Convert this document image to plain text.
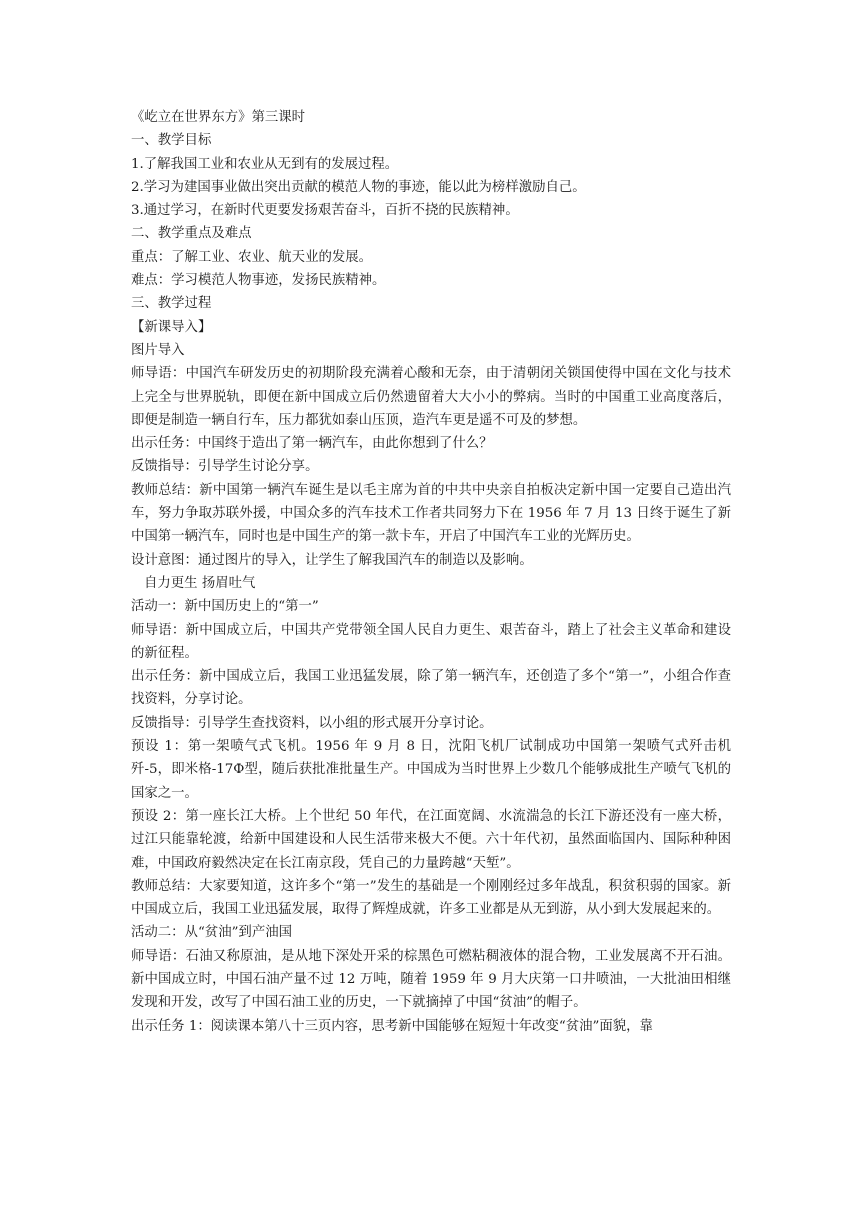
《屹立在世界东方》第三课时

一、教学目标

1.了解我国工业和农业从无到有的发展过程。

2.学习为建国事业做出突出贡献的模范人物的事迹，能以此为榜样激励自己。

3.通过学习，在新时代更要发扬艰苦奋斗，百折不挠的民族精神。

二、教学重点及难点

重点：了解工业、农业、航天业的发展。

难点：学习模范人物事迹，发扬民族精神。

三、教学过程

【新课导入】

图片导入

师导语：中国汽车研发历史的初期阶段充满着心酸和无奈，由于清朝闭关锁国使得中国在文化与技术上完全与世界脱轨，即便在新中国成立后仍然遗留着大大小小的弊病。当时的中国重工业高度落后，即便是制造一辆自行车，压力都犹如泰山压顶，造汽车更是遥不可及的梦想。

出示任务：中国终于造出了第一辆汽车，由此你想到了什么？

反馈指导：引导学生讨论分享。

教师总结：新中国第一辆汽车诞生是以毛主席为首的中共中央亲自拍板决定新中国一定要自己造出汽车，努力争取苏联外援，中国众多的汽车技术工作者共同努力下在 1956 年 7 月 13 日终于诞生了新中国第一辆汽车，同时也是中国生产的第一款卡车，开启了中国汽车工业的光辉历史。

设计意图：通过图片的导入，让学生了解我国汽车的制造以及影响。

自力更生 扬眉吐气

活动一：新中国历史上的“第一”

师导语：新中国成立后，中国共产党带领全国人民自力更生、艰苦奋斗，踏上了社会主义革命和建设的新征程。

出示任务：新中国成立后，我国工业迅猛发展，除了第一辆汽车，还创造了多个“第一”，小组合作查找资料，分享讨论。

反馈指导：引导学生查找资料，以小组的形式展开分享讨论。

预设 1：第一架喷气式飞机。1956 年 9 月 8 日，沈阳飞机厂试制成功中国第一架喷气式歼击机歼-5，即米格-17Ф型，随后获批准批量生产。中国成为当时世界上少数几个能够成批生产喷气飞机的国家之一。

预设 2：第一座长江大桥。上个世纪 50 年代，在江面宽阔、水流湍急的长江下游还没有一座大桥，过江只能靠轮渡，给新中国建设和人民生活带来极大不便。六十年代初，虽然面临国内、国际种种困难，中国政府毅然决定在长江南京段，凭自己的力量跨越“天堑”。

教师总结：大家要知道，这许多个“第一”发生的基础是一个刚刚经过多年战乱，积贫积弱的国家。新中国成立后，我国工业迅猛发展，取得了辉煌成就，许多工业都是从无到游，从小到大发展起来的。

活动二：从“贫油”到产油国

师导语：石油又称原油，是从地下深处开采的棕黑色可燃粘稠液体的混合物，工业发展离不开石油。新中国成立时，中国石油产量不过 12 万吨，随着 1959 年 9 月大庆第一口井喷油，一大批油田相继发现和开发，改写了中国石油工业的历史，一下就摘掉了中国“贫油”的帽子。

出示任务 1：阅读课本第八十三页内容，思考新中国能够在短短十年改变“贫油”面貌，靠
